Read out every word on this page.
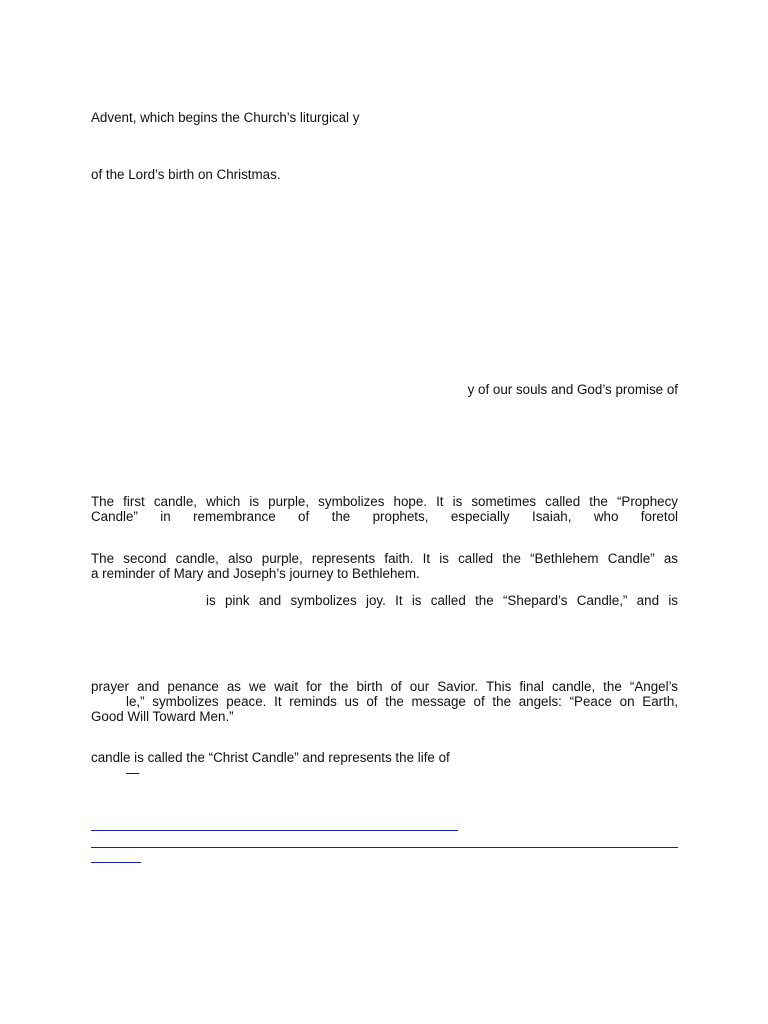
Advent, which begins the Church’s liturgical y
of the Lord’s birth on Christmas.
y of our souls and God’s promise of
The first candle, which is purple, symbolizes hope. It is sometimes called the “Prophecy
Candle” in remembrance of the prophets, especially Isaiah, who foretol
The second candle, also purple, represents faith. It is called the “Bethlehem Candle” as
a reminder of Mary and Joseph’s journey to Bethlehem.
is pink and symbolizes joy. It is called the “Shepard’s Candle,” and is
prayer and penance as we wait for the birth of our Savior. This final candle, the “Angel’s
le,” symbolizes peace. It reminds us of the message of the angels: “Peace on Earth,
Good Will Toward Men.”
candle is called the “Christ Candle” and represents the life of
—
